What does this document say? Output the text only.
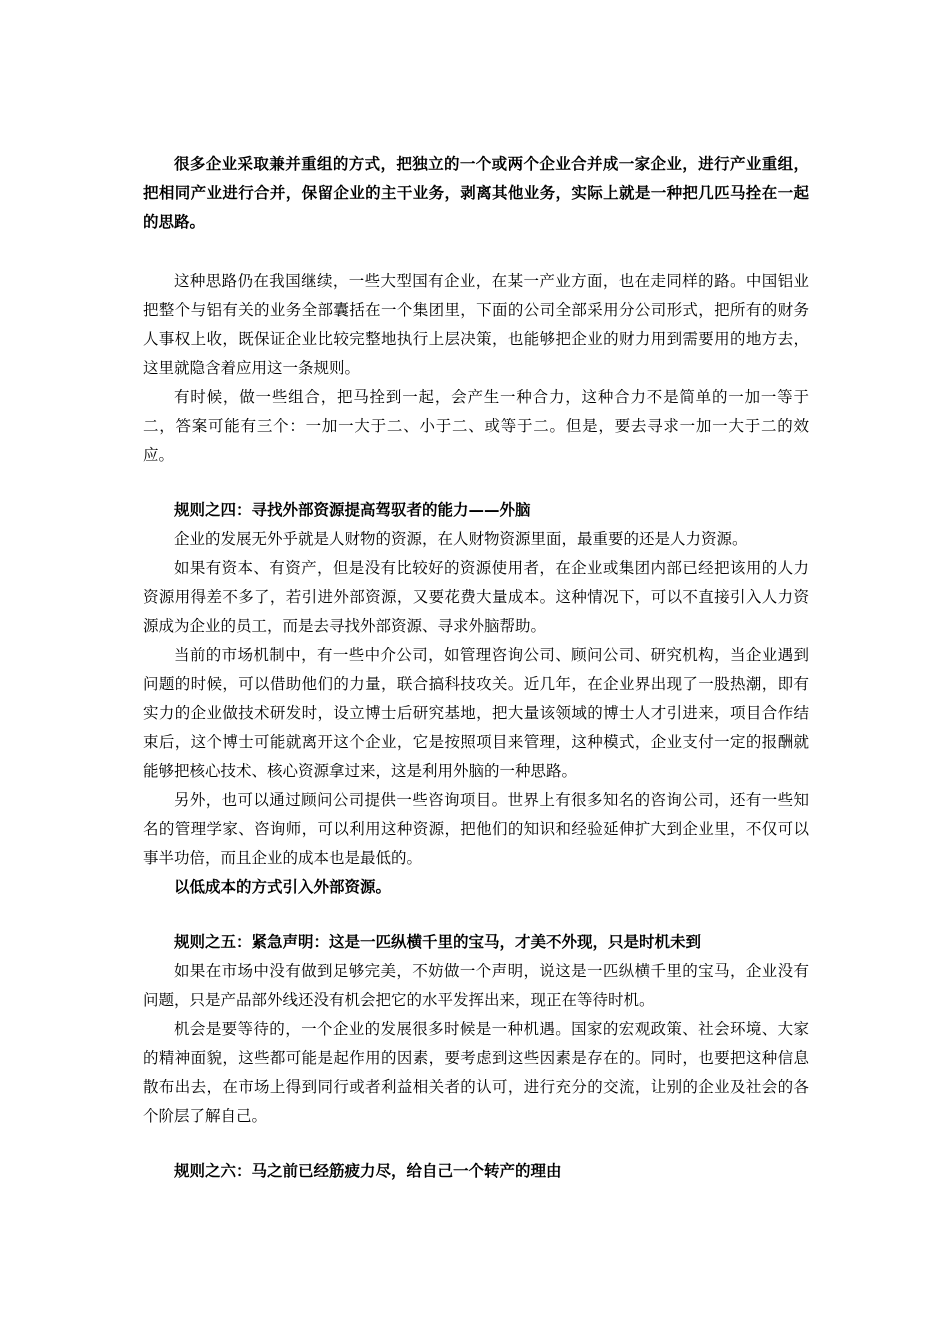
很多企业采取兼并重组的方式，把独立的一个或两个企业合并成一家企业，进行产业重组，把相同产业进行合并，保留企业的主干业务，剥离其他业务，实际上就是一种把几匹马拴在一起的思路。

这种思路仍在我国继续，一些大型国有企业，在某一产业方面，也在走同样的路。中国铝业把整个与铝有关的业务全部囊括在一个集团里，下面的公司全部采用分公司形式，把所有的财务人事权上收，既保证企业比较完整地执行上层决策，也能够把企业的财力用到需要用的地方去，这里就隐含着应用这一条规则。

有时候，做一些组合，把马拴到一起，会产生一种合力，这种合力不是简单的一加一等于二，答案可能有三个：一加一大于二、小于二、或等于二。但是，要去寻求一加一大于二的效应。

规则之四：寻找外部资源提高驾驭者的能力——外脑

企业的发展无外乎就是人财物的资源，在人财物资源里面，最重要的还是人力资源。

如果有资本、有资产，但是没有比较好的资源使用者，在企业或集团内部已经把该用的人力资源用得差不多了，若引进外部资源，又要花费大量成本。这种情况下，可以不直接引入人力资源成为企业的员工，而是去寻找外部资源、寻求外脑帮助。

当前的市场机制中，有一些中介公司，如管理咨询公司、顾问公司、研究机构，当企业遇到问题的时候，可以借助他们的力量，联合搞科技攻关。近几年，在企业界出现了一股热潮，即有实力的企业做技术研发时，设立博士后研究基地，把大量该领域的博士人才引进来，项目合作结束后，这个博士可能就离开这个企业，它是按照项目来管理，这种模式，企业支付一定的报酬就能够把核心技术、核心资源拿过来，这是利用外脑的一种思路。

另外，也可以通过顾问公司提供一些咨询项目。世界上有很多知名的咨询公司，还有一些知名的管理学家、咨询师，可以利用这种资源，把他们的知识和经验延伸扩大到企业里，不仅可以事半功倍，而且企业的成本也是最低的。

以低成本的方式引入外部资源。

规则之五：紧急声明：这是一匹纵横千里的宝马，才美不外现，只是时机未到

如果在市场中没有做到足够完美，不妨做一个声明，说这是一匹纵横千里的宝马，企业没有问题，只是产品部外线还没有机会把它的水平发挥出来，现正在等待时机。

机会是要等待的，一个企业的发展很多时候是一种机遇。国家的宏观政策、社会环境、大家的精神面貌，这些都可能是起作用的因素，要考虑到这些因素是存在的。同时，也要把这种信息散布出去，在市场上得到同行或者利益相关者的认可，进行充分的交流，让别的企业及社会的各个阶层了解自己。

规则之六：马之前已经筋疲力尽，给自己一个转产的理由
